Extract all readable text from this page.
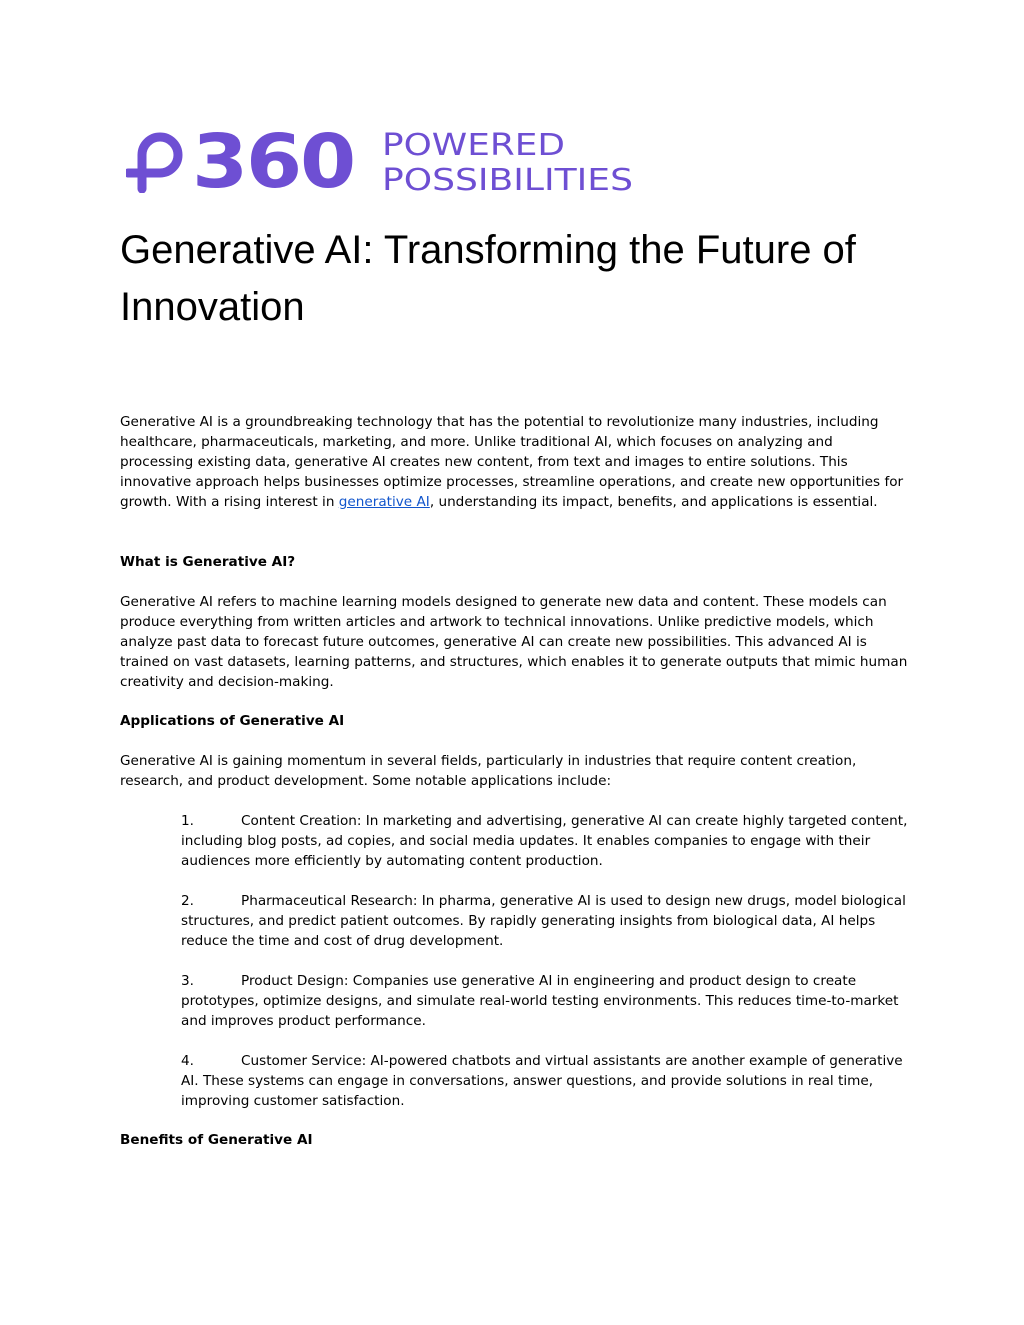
360 POWERED
POSSIBILITIES
Generative AI: Transforming the Future of Innovation

Generative AI is a groundbreaking technology that has the potential to revolutionize many industries, including healthcare, pharmaceuticals, marketing, and more. Unlike traditional AI, which focuses on analyzing and processing existing data, generative AI creates new content, from text and images to entire solutions. This innovative approach helps businesses optimize processes, streamline operations, and create new opportunities for growth. With a rising interest in generative AI, understanding its impact, benefits, and applications is essential.

What is Generative AI?

Generative AI refers to machine learning models designed to generate new data and content. These models can produce everything from written articles and artwork to technical innovations. Unlike predictive models, which analyze past data to forecast future outcomes, generative AI can create new possibilities. This advanced AI is trained on vast datasets, learning patterns, and structures, which enables it to generate outputs that mimic human creativity and decision-making.

Applications of Generative AI

Generative AI is gaining momentum in several fields, particularly in industries that require content creation, research, and product development. Some notable applications include:

1.	Content Creation: In marketing and advertising, generative AI can create highly targeted content, including blog posts, ad copies, and social media updates. It enables companies to engage with their audiences more efficiently by automating content production.

2.	Pharmaceutical Research: In pharma, generative AI is used to design new drugs, model biological structures, and predict patient outcomes. By rapidly generating insights from biological data, AI helps reduce the time and cost of drug development.

3.	Product Design: Companies use generative AI in engineering and product design to create prototypes, optimize designs, and simulate real-world testing environments. This reduces time-to-market and improves product performance.

4.	Customer Service: AI-powered chatbots and virtual assistants are another example of generative AI. These systems can engage in conversations, answer questions, and provide solutions in real time, improving customer satisfaction.

Benefits of Generative AI
